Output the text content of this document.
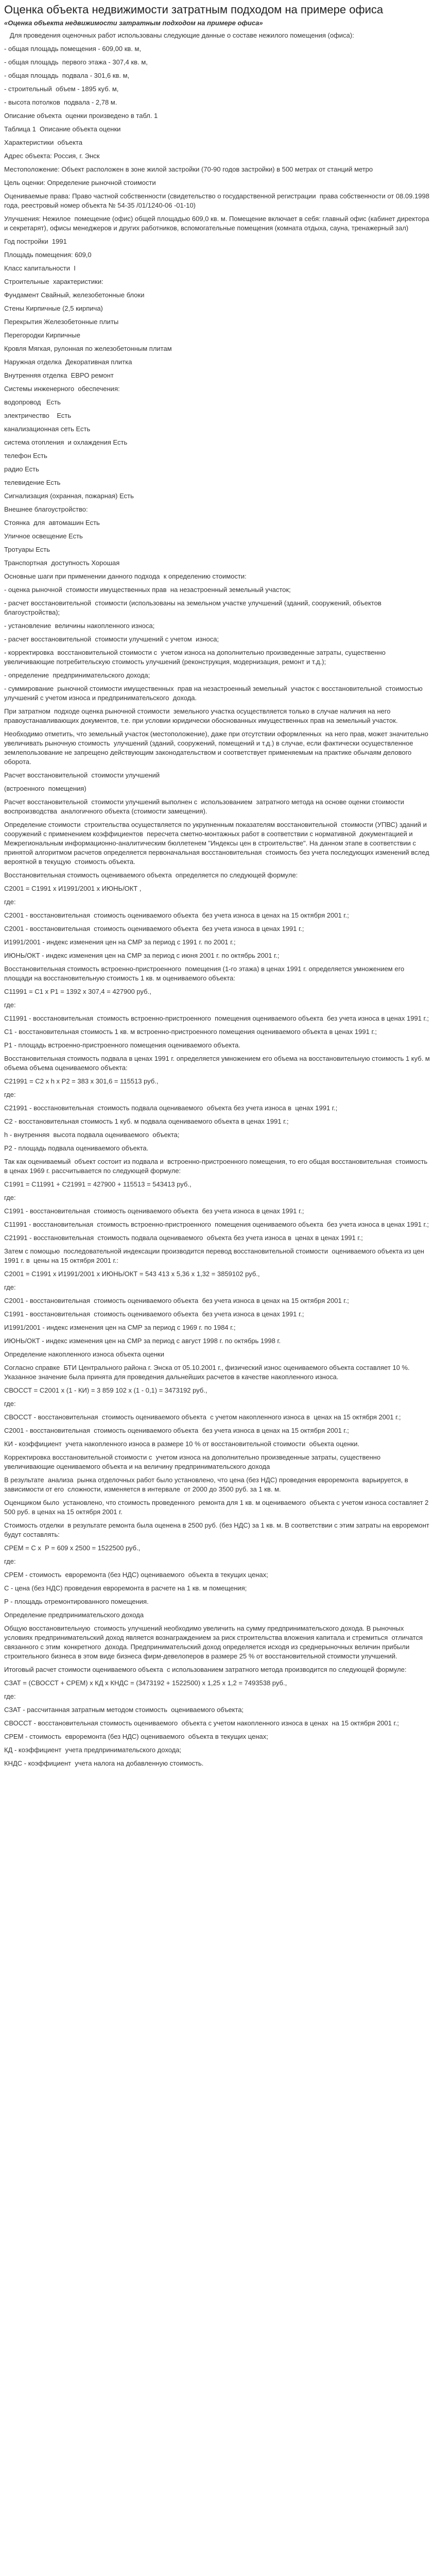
Оценка объекта недвижимости затратным подходом на примере офиса

«Оценка объекта недвижимости затратным подходом на примере офиса»

Для проведения оценочных работ использованы следующие данные о составе нежилого помещения (офиса):

- общая площадь помещения - 609,00 кв. м,

- общая площадь  первого этажа - 307,4 кв. м,

- общая площадь  подвала - 301,6 кв. м,

- строительный  объем - 1895 куб. м,

- высота потолков  подвала - 2,78 м.

Описание объекта  оценки произведено в табл. 1

Таблица 1  Описание объекта оценки

Характеристики  объекта

Адрес объекта: Россия, г. Энск

Местоположение: Объект расположен в зоне жилой застройки (70-90 годов застройки) в 500 метрах от станций метро

Цель оценки: Определение рыночной стоимости

Оцениваемые права: Право частной собственности (свидетельство о государственной регистрации  права собственности от 08.09.1998 года, реестровый номер объекта № 54-35 /01/1240-06 -01-10)

Улучшения: Нежилое  помещение (офис) общей площадью 609,0 кв. м. Помещение включает в себя: главный офис (кабинет директора  и секретарят), офисы менеджеров и других работников, вспомогательные помещения (комната отдыха, сауна, тренажерный зал)

Год постройки  1991

Площадь помещения: 609,0

Класс капитальности  I

Строительные  характеристики:

Фундамент Свайный, железобетонные блоки

Стены Кирпичные (2,5 кирпича)

Перекрытия Железобетонные плиты

Перегородки Кирпичные

Кровля Мягкая, рулонная по железобетонным плитам

Наружная отделка  Декоративная плитка

Внутренняя отделка  ЕВРО ремонт

Системы инженерного  обеспечения:

водопровод   Есть

электричество    Есть

канализационная сеть Есть

система отопления  и охлаждения Есть

телефон Есть

радио Есть

телевидение Есть

Сигнализация (охранная, пожарная) Есть

Внешнее благоустройство:

Стоянка  для  автомашин Есть

Уличное освещение Есть

Тротуары Есть

Транспортная  доступность Хорошая

Основные шаги при применении данного подхода  к определению стоимости:

- оценка рыночной  стоимости имущественных прав  на незастроенный земельный участок;

- расчет восстановительной  стоимости (использованы на земельном участке улучшений (зданий, сооружений, объектов благоустройства);

- установление  величины накопленного износа;

- расчет восстановительной  стоимости улучшений с учетом  износа;

- корректировка  восстановительной стоимости с  учетом износа на дополнительно произведенные затраты, существенно  увеличивающие потребительскую стоимость улучшений (реконструкция, модернизация, ремонт и т.д.);

- определение  предпринимательского дохода;

- суммирование  рыночной стоимости имущественных  прав на незастроенный земельный  участок с восстановительной  стоимостью улучшений с учетом износа и предпринимательского  дохода.

При затратном  подходе оценка рыночной стоимости  земельного участка осуществляется только в случае наличия на него правоустанавливающих документов, т.е. при условии юридически обоснованных имущественных прав на земельный участок.

Необходимо отметить, что земельный участок (местоположение), даже при отсутствии оформленных  на него прав, может значительно увеличивать рыночную стоимость  улучшений (зданий, сооружений, помещений и т.д.) в случае, если фактически осуществленное землепользование не запрещено действующим законодательством и соответствует применяемым на практике обычаям делового оборота.

Расчет восстановительной  стоимости улучшений

(встроенного  помещения)

Расчет восстановительной  стоимости улучшений выполнен с  использованием  затратного метода на основе оценки стоимости воспроизводства  аналогичного объекта (стоимости замещения).

Определение стоимости  строительства осуществляется по укрупненным показателям восстановительной  стоимости (УПВС) зданий и сооружений с применением коэффициентов  пересчета сметно-монтажных работ в соответствии с нормативной  документацией и Межрегиональным информационно-аналитическим бюллетенем "Индексы цен в строительстве". На данном этапе в соответствии с  принятой алгоритмом расчетов определяется первоначальная восстановительная  стоимость без учета последующих изменений вслед вероятной в текущую  стоимость объекта.

Восстановительная стоимость оцениваемого объекта  определяется по следующей формуле:

С2001 = С1991 х И1991/2001 х ИЮНЬ/ОКТ ,

где:

С2001 - восстановительная  стоимость оцениваемого объекта  без учета износа в ценах на 15 октября 2001 г.;

С2001 - восстановительная  стоимость оцениваемого объекта  без учета износа в ценах 1991 г.;

И1991/2001 - индекс изменения цен на СМР за период с 1991 г. по 2001 г.;

ИЮНЬ/ОКТ - индекс изменения цен на СМР за период с июня 2001 г. по октябрь 2001 г.;

Восстановительная стоимость встроенно-пристроенного  помещения (1-го этажа) в ценах 1991 г. определяется умножением его площади на восстановительную стоимость 1 кв. м оцениваемого объекта:

С11991 = С1 х Р1 = 1392 х 307,4 = 427900 руб.,

где:

С11991 - восстановительная  стоимость встроенно-пристроенного  помещения оцениваемого объекта  без учета износа в ценах 1991 г.;

С1 - восстановительная стоимость 1 кв. м встроенно-пристроенного помещения оцениваемого объекта в ценах 1991 г.;

Р1 - площадь встроенно-пристроенного помещения оцениваемого объекта.

Восстановительная стоимость подвала в ценах 1991 г. определяется умножением его объема на восстановительную стоимость 1 куб. м объема объема оцениваемого объекта:

С21991 = С2 х h х Р2 = 383 х 301,6 = 115513 руб.,

где:

С21991 - восстановительная  стоимость подвала оцениваемого  объекта без учета износа в  ценах 1991 г.;

С2 - восстановительная стоимость 1 куб. м подвала оцениваемого объекта в ценах 1991 г.;

h - внутренняя  высота подвала оцениваемого  объекта;

Р2 - площадь подвала оцениваемого объекта.

Так как оцениваемый  объект состоит из подвала и  встроенно-пристроенного помещения, то его общая восстановительная  стоимость в ценах 1969 г. рассчитывается по следующей формуле:

С1991 = С11991 + С21991 = 427900 + 115513 = 543413 руб.,

где:

С1991 - восстановительная  стоимость оцениваемого объекта  без учета износа в ценах 1991 г.;

С11991 - восстановительная  стоимость встроенно-пристроенного  помещения оцениваемого объекта  без учета износа в ценах 1991 г.;

С21991 - восстановительная  стоимость подвала оцениваемого  объекта без учета износа в  ценах в ценах 1991 г.;

Затем с помощью  последовательной индексации производится перевод восстановительной стоимости  оцениваемого объекта из цен 1991 г. в  цены на 15 октября 2001 г.:

С2001 = С1991 х И1991/2001 х ИЮНЬ/ОКТ = 543 413 х 5,36 х 1,32 = 3859102 руб.,

где:

С2001 - восстановительная  стоимость оцениваемого объекта  без учета износа в ценах на 15 октября 2001 г.;

С1991 - восстановительная  стоимость оцениваемого объекта  без учета износа в ценах 1991 г.;

И1991/2001 - индекс изменения цен на СМР за период с 1969 г. по 1984 г.;

ИЮНЬ/ОКТ - индекс изменения цен на СМР за период с август 1998 г. по октябрь 1998 г.

Определение накопленного износа объекта оценки

Согласно справке  БТИ Центрального района г. Энска от 05.10.2001 г., физический износ оцениваемого объекта составляет 10 %. Указанное значение была принята для проведения дальнейших расчетов в качестве накопленного износа.

СВОССТ = С2001 х (1 - КИ) = 3 859 102 х (1 - 0,1) = 3473192 руб.,

где:

СВОССТ - восстановительная  стоимость оцениваемого объекта  с учетом накопленного износа в  ценах на 15 октября 2001 г.;

С2001 - восстановительная  стоимость оцениваемого объекта  без учета износа в ценах на 15 октября 2001 г.;

КИ - коэффициент  учета накопленного износа в размере 10 % от восстановительной стоимости  объекта оценки.

Корректировка восстановительной стоимости с  учетом износа на дополнительно произведенные затраты, существенно увеличивающие оцениваемого объекта и на величину предпринимательского дохода

В результате  анализа  рынка отделочных работ было установлено, что цена (без НДС) проведения евроремонта  варьируется, в зависимости от его  сложности, изменяется в интервале  от 2000 до 3500 руб. за 1 кв. м.

Оценщиком было  установлено, что стоимость проведенного  ремонта для 1 кв. м оцениваемого  объекта с учетом износа составляет 2 500 руб. в ценах на 15 октября 2001 г.

Стоимость отделки  в результате ремонта была оценена в 2500 руб. (без НДС) за 1 кв. м. В соответствии с этим затраты на евроремонт будут составлять:

СРЕМ = С х  Р = 609 х 2500 = 1522500 руб.,

где:

СРЕМ - стоимость  евроремонта (без НДС) оцениваемого  объекта в текущих ценах;

С - цена (без НДС) проведения евроремонта в расчете на 1 кв. м помещения;

Р - площадь отремонтированного помещения.

Определение предпринимательского дохода

Общую восстановительную  стоимость улучшений необходимо увеличить на сумму предпринимательского дохода. В рыночных условиях предпринимательский доход является вознаграждением за риск строительства вложения капитала и стремиться  отличатся связанного с этим  конкретного  дохода. Предпринимательский доход определяется исходя из среднерыночных величин прибыли строительного бизнеса в этом виде бизнеса фирм-девелоперов в размере 25 % от восстановительной стоимости улучшений.

Итоговый расчет стоимости оцениваемого объекта  с использованием затратного метода производится по следующей формуле:

СЗАТ = (СВОССТ + СРЕМ) х КД х КНДС = (3473192 + 1522500) х 1,25 х 1,2 = 7493538 руб.,

где:

СЗАТ - рассчитанная затратным методом стоимость  оцениваемого объекта;

СВОССТ - восстановительная стоимость оцениваемого  объекта с учетом накопленного износа в ценах  на 15 октября 2001 г.;

СРЕМ - стоимость  евроремонта (без НДС) оцениваемого  объекта в текущих ценах;

КД - коэффициент  учета предпринимательского дохода;

КНДС - коэффициент  учета налога на добавленную стоимость.
